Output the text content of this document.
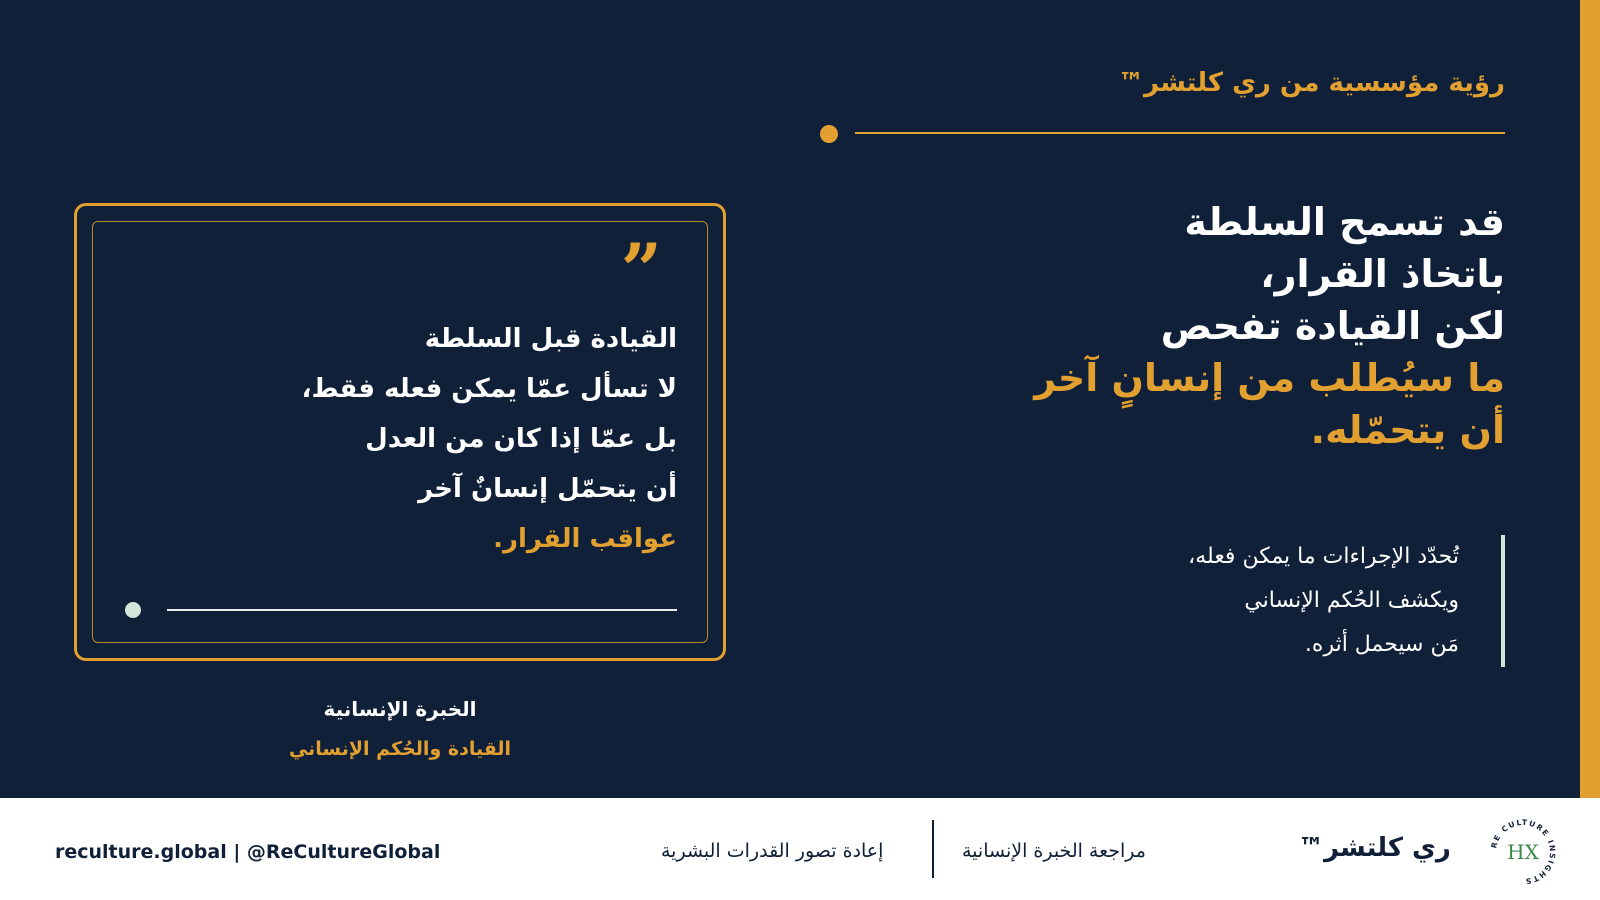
رؤية مؤسسية من ري كلتشر™
قد تسمح السلطة
باتخاذ القرار،
لكن القيادة تفحص
ما سيُطلب من إنسانٍ آخر
أن يتحمّله.
تُحدّد الإجراءات ما يمكن فعله،
ويكشف الحُكم الإنساني
مَن سيحمل أثره.
”
القيادة قبل السلطة
لا تسأل عمّا يمكن فعله فقط،
بل عمّا إذا كان من العدل
أن يتحمّل إنسانٌ آخر
عواقب القرار.
الخبرة الإنسانية
القيادة والحُكم الإنساني
reculture.global | @ReCultureGlobal	إعادة تصور القدرات البشرية	مراجعة الخبرة الإنسانية	ري كلتشر™	RE CULTURE INSIGHTS
HX
